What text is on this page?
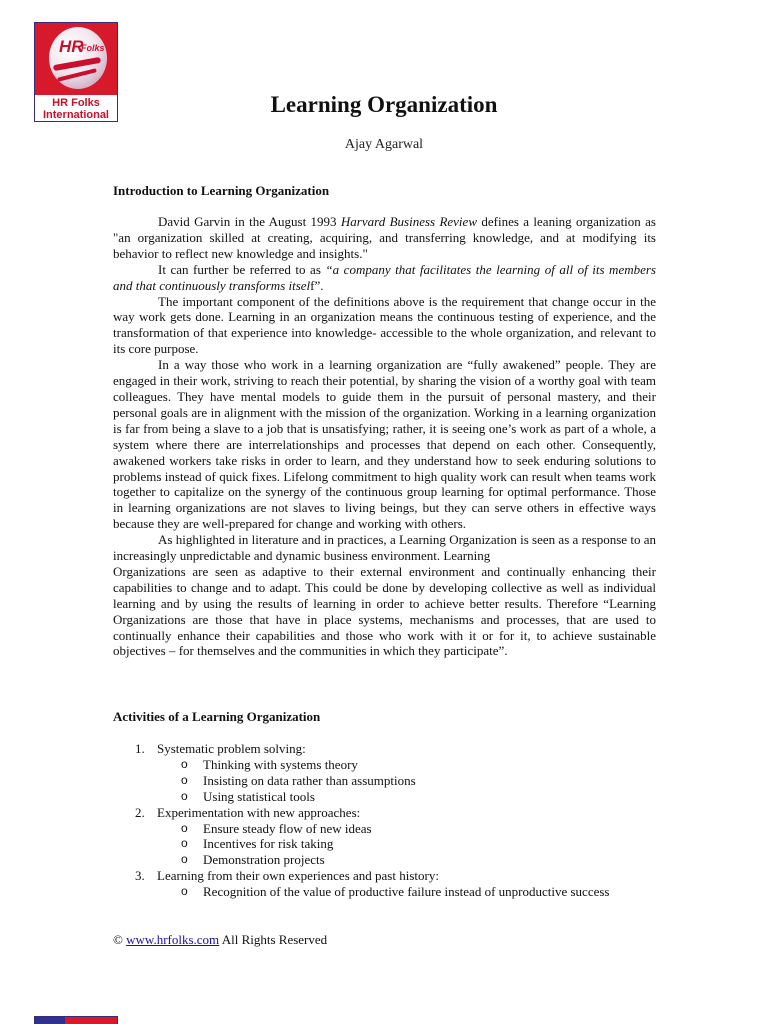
HR
Folks
HR Folks
International	Learning Organization
Ajay Agarwal
Introduction to Learning Organization

David Garvin in the August 1993 Harvard Business Review defines a leaning organization as "an organization skilled at creating, acquiring, and transferring knowledge, and at modifying its behavior to reflect new knowledge and insights."

It can further be referred to as “a company that facilitates the learning of all of its members and that continuously transforms itself”.

The important component of the definitions above is the requirement that change occur in the way work gets done. Learning in an organization means the continuous testing of experience, and the transformation of that experience into knowledge- accessible to the whole organization, and relevant to its core purpose.

In a way those who work in a learning organization are “fully awakened” people. They are engaged in their work, striving to reach their potential, by sharing the vision of a worthy goal with team colleagues. They have mental models to guide them in the pursuit of personal mastery, and their personal goals are in alignment with the mission of the organization. Working in a learning organization is far from being a slave to a job that is unsatisfying; rather, it is seeing one’s work as part of a whole, a system where there are interrelationships and processes that depend on each other. Consequently, awakened workers take risks in order to learn, and they understand how to seek enduring solutions to problems instead of quick fixes. Lifelong commitment to high quality work can result when teams work together to capitalize on the synergy of the continuous group learning for optimal performance. Those in learning organizations are not slaves to living beings, but they can serve others in effective ways because they are well-prepared for change and working with others.

As highlighted in literature and in practices, a Learning Organization is seen as a response to an increasingly unpredictable and dynamic business environment. Learning

Organizations are seen as adaptive to their external environment and continually enhancing their capabilities to change and to adapt. This could be done by developing collective as well as individual learning and by using the results of learning in order to achieve better results. Therefore “Learning Organizations are those that have in place systems, mechanisms and processes, that are used to continually enhance their capabilities and those who work with it or for it, to achieve sustainable objectives – for themselves and the communities in which they participate”.

Activities of a Learning Organization
1. Systematic problem solving:
o Thinking with systems theory
o Insisting on data rather than assumptions
o Using statistical tools
2. Experimentation with new approaches:
o Ensure steady flow of new ideas
o Incentives for risk taking
o Demonstration projects
3. Learning from their own experiences and past history:
o Recognition of the value of productive failure instead of unproductive success
© www.hrfolks.com All Rights Reserved
